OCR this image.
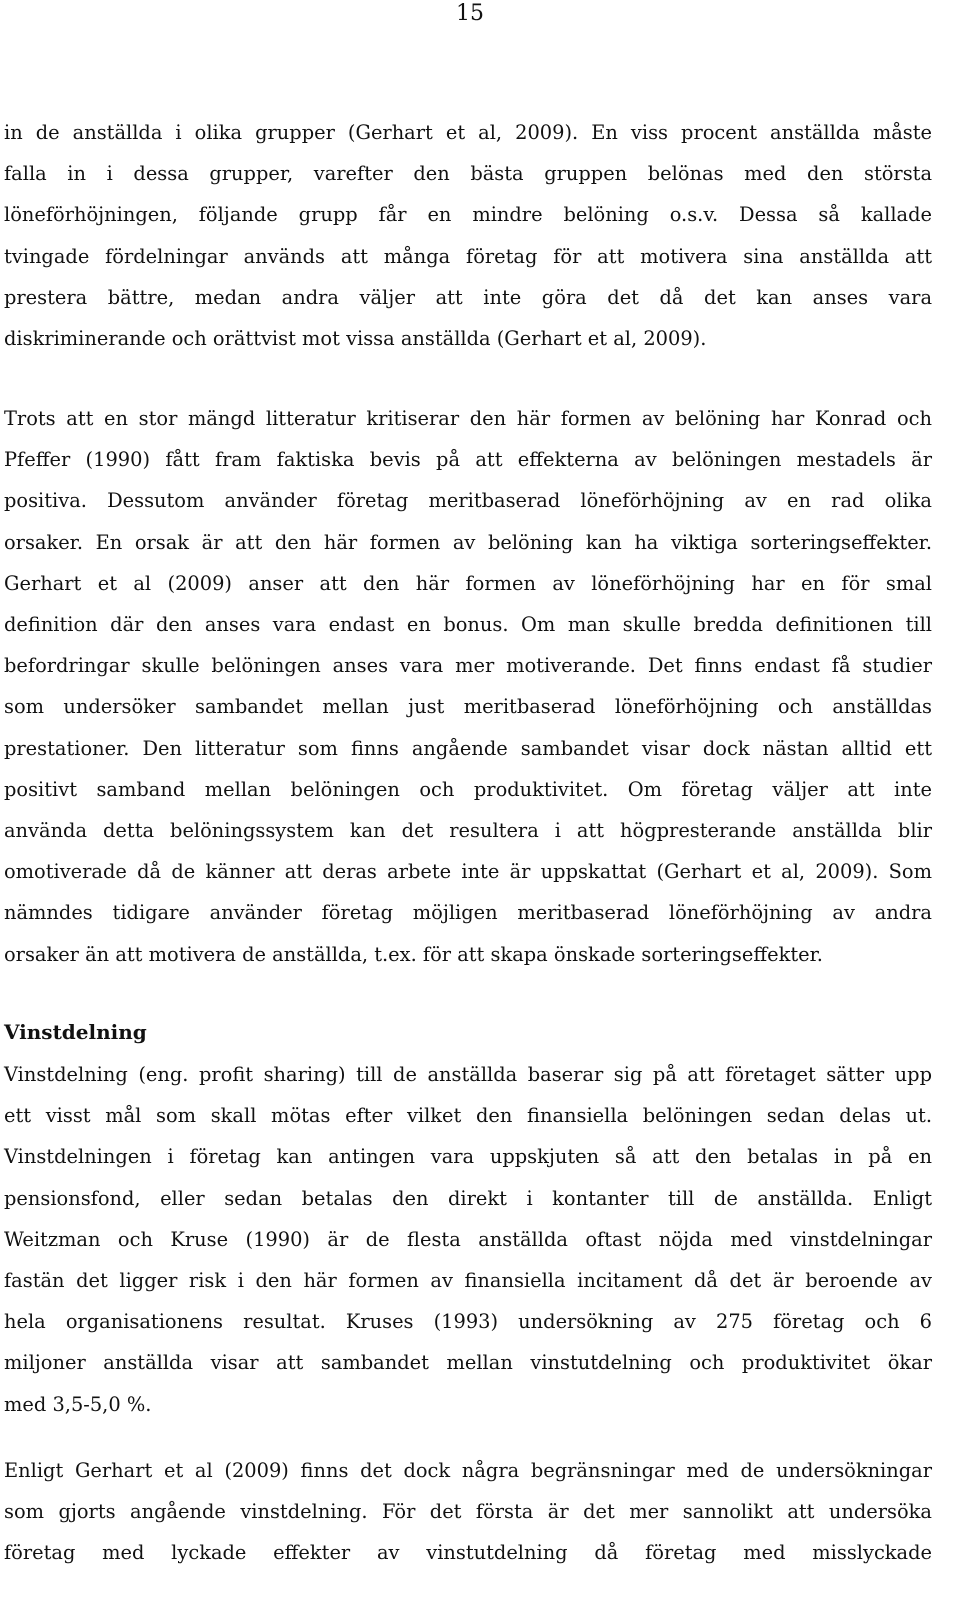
15

in de anställda i olika grupper (Gerhart et al, 2009). En viss procent anställda måste
falla in i dessa grupper, varefter den bästa gruppen belönas med den största
löneförhöjningen, följande grupp får en mindre belöning o.s.v. Dessa så kallade
tvingade fördelningar används att många företag för att motivera sina anställda att
prestera bättre, medan andra väljer att inte göra det då det kan anses vara
diskriminerande och orättvist mot vissa anställda (Gerhart et al, 2009).

Trots att en stor mängd litteratur kritiserar den här formen av belöning har Konrad och
Pfeffer (1990) fått fram faktiska bevis på att effekterna av belöningen mestadels är
positiva. Dessutom använder företag meritbaserad löneförhöjning av en rad olika
orsaker. En orsak är att den här formen av belöning kan ha viktiga sorteringseffekter.
Gerhart et al (2009) anser att den här formen av löneförhöjning har en för smal
definition där den anses vara endast en bonus. Om man skulle bredda definitionen till
befordringar skulle belöningen anses vara mer motiverande. Det finns endast få studier
som undersöker sambandet mellan just meritbaserad löneförhöjning och anställdas
prestationer. Den litteratur som finns angående sambandet visar dock nästan alltid ett
positivt samband mellan belöningen och produktivitet. Om företag väljer att inte
använda detta belöningssystem kan det resultera i att högpresterande anställda blir
omotiverade då de känner att deras arbete inte är uppskattat (Gerhart et al, 2009). Som
nämndes tidigare använder företag möjligen meritbaserad löneförhöjning av andra
orsaker än att motivera de anställda, t.ex. för att skapa önskade sorteringseffekter.

Vinstdelning

Vinstdelning (eng. profit sharing) till de anställda baserar sig på att företaget sätter upp
ett visst mål som skall mötas efter vilket den finansiella belöningen sedan delas ut.
Vinstdelningen i företag kan antingen vara uppskjuten så att den betalas in på en
pensionsfond, eller sedan betalas den direkt i kontanter till de anställda. Enligt
Weitzman och Kruse (1990) är de flesta anställda oftast nöjda med vinstdelningar
fastän det ligger risk i den här formen av finansiella incitament då det är beroende av
hela organisationens resultat. Kruses (1993) undersökning av 275 företag och 6
miljoner anställda visar att sambandet mellan vinstutdelning och produktivitet ökar
med 3,5-5,0 %.

Enligt Gerhart et al (2009) finns det dock några begränsningar med de undersökningar
som gjorts angående vinstdelning. För det första är det mer sannolikt att undersöka
företag med lyckade effekter av vinstutdelning då företag med misslyckade
